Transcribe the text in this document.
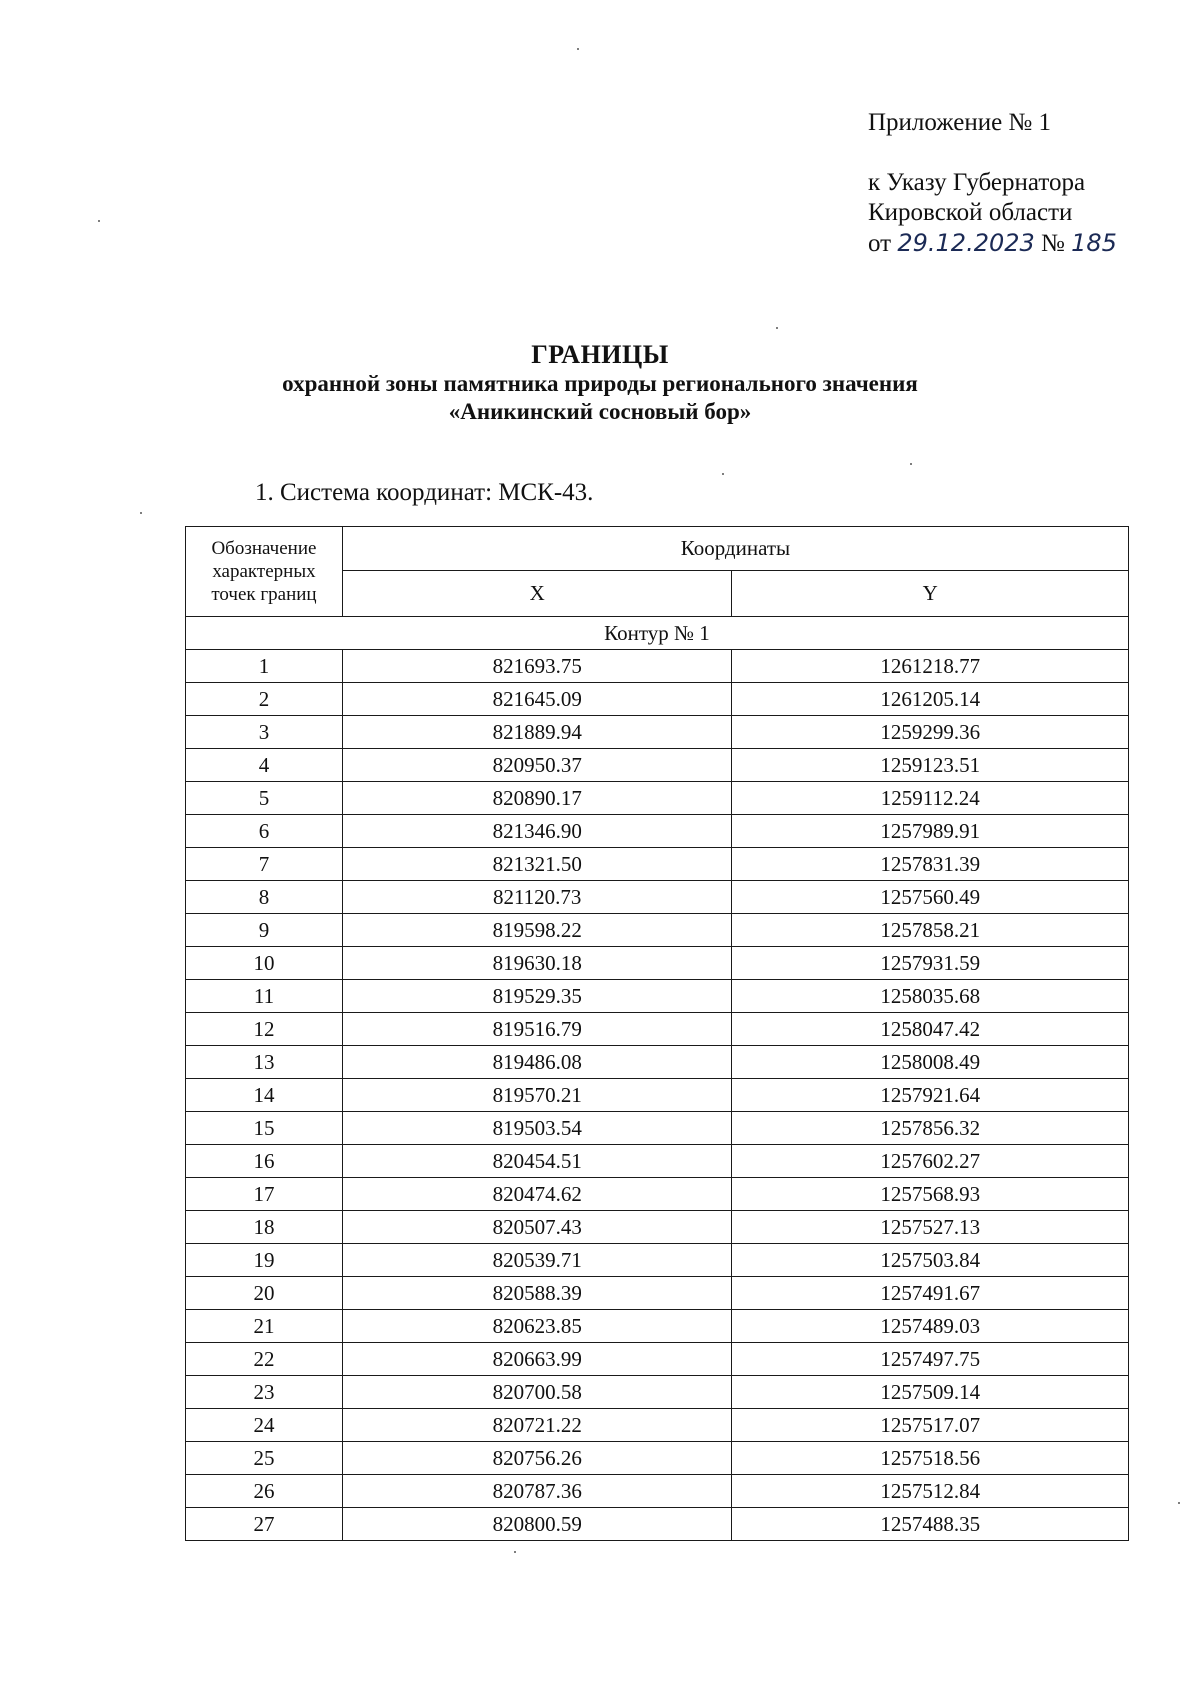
Приложение № 1
к Указу Губернатора
Кировской области
от 29.12.2023 № 185
ГРАНИЦЫ
охранной зоны памятника природы регионального значения
«Аникинский сосновый бор»
1. Система координат: МСК-43.
Обозначение характерных точек границ	Координаты	
	X	Y
Контур № 1		
1	821693.75	1261218.77
2	821645.09	1261205.14
3	821889.94	1259299.36
4	820950.37	1259123.51
5	820890.17	1259112.24
6	821346.90	1257989.91
7	821321.50	1257831.39
8	821120.73	1257560.49
9	819598.22	1257858.21
10	819630.18	1257931.59
11	819529.35	1258035.68
12	819516.79	1258047.42
13	819486.08	1258008.49
14	819570.21	1257921.64
15	819503.54	1257856.32
16	820454.51	1257602.27
17	820474.62	1257568.93
18	820507.43	1257527.13
19	820539.71	1257503.84
20	820588.39	1257491.67
21	820623.85	1257489.03
22	820663.99	1257497.75
23	820700.58	1257509.14
24	820721.22	1257517.07
25	820756.26	1257518.56
26	820787.36	1257512.84
27	820800.59	1257488.35
